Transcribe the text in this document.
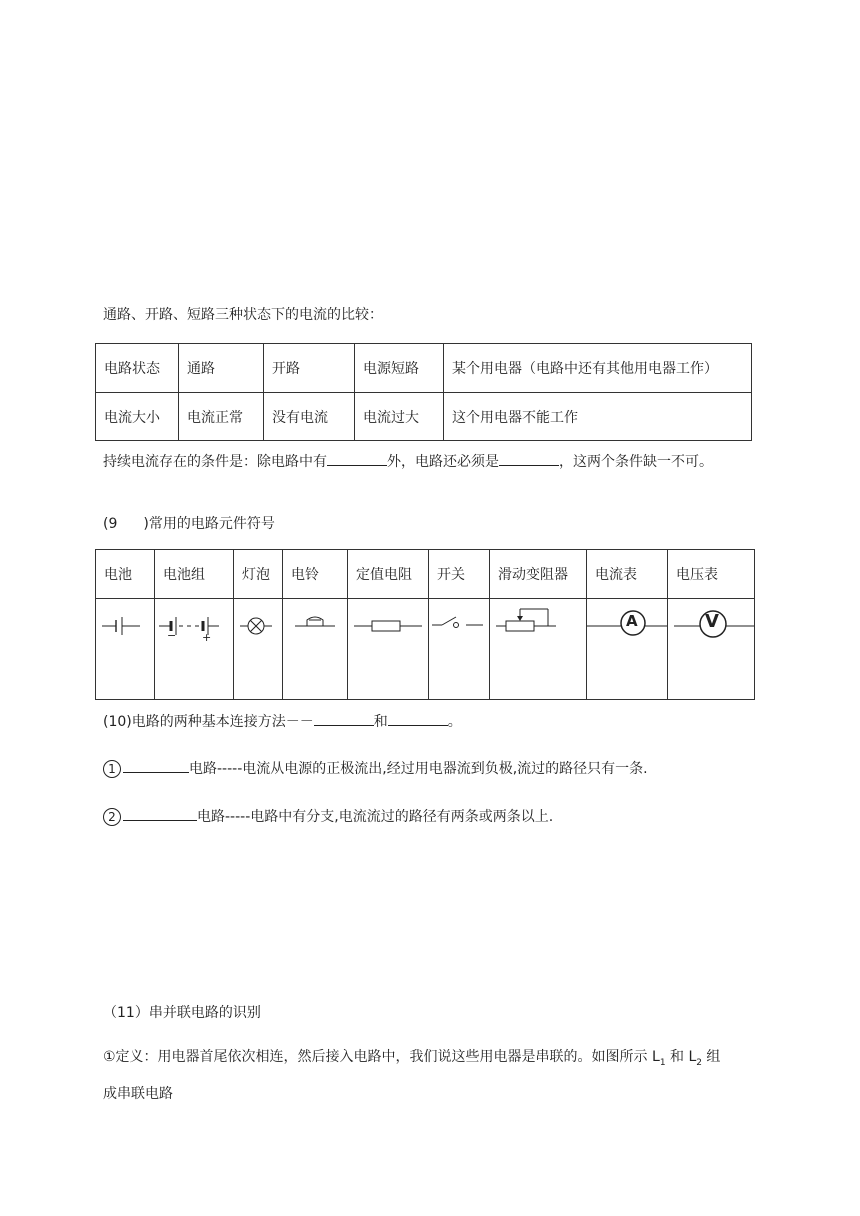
通路、开路、短路三种状态下的电流的比较：
电路状态	通路	开路	电源短路	某个用电器（电路中还有其他用电器工作）
电流大小	电流正常	没有电流	电流过大	这个用电器不能工作
持续电流存在的条件是：除电路中有	外，电路还必须是	，这两个条件缺一不可。
(9 )常用的电路元件符号
电池	电池组	灯泡	电铃	定值电阻	开关	滑动变阻器	电流表	电压表

− +						A	V
(10)电路的两种基本连接方法－－	和	。
1	电路-----电流从电源的正极流出,经过用电器流到负极,流过的路径只有一条.
2	电路-----电路中有分支,电流流过的路径有两条或两条以上.
（11）串并联电路的识别
①定义：用电器首尾依次相连，然后接入电路中，我们说这些用电器是串联的。如图所示 $L_1$ 和 $L_2$ 组
成串联电路
